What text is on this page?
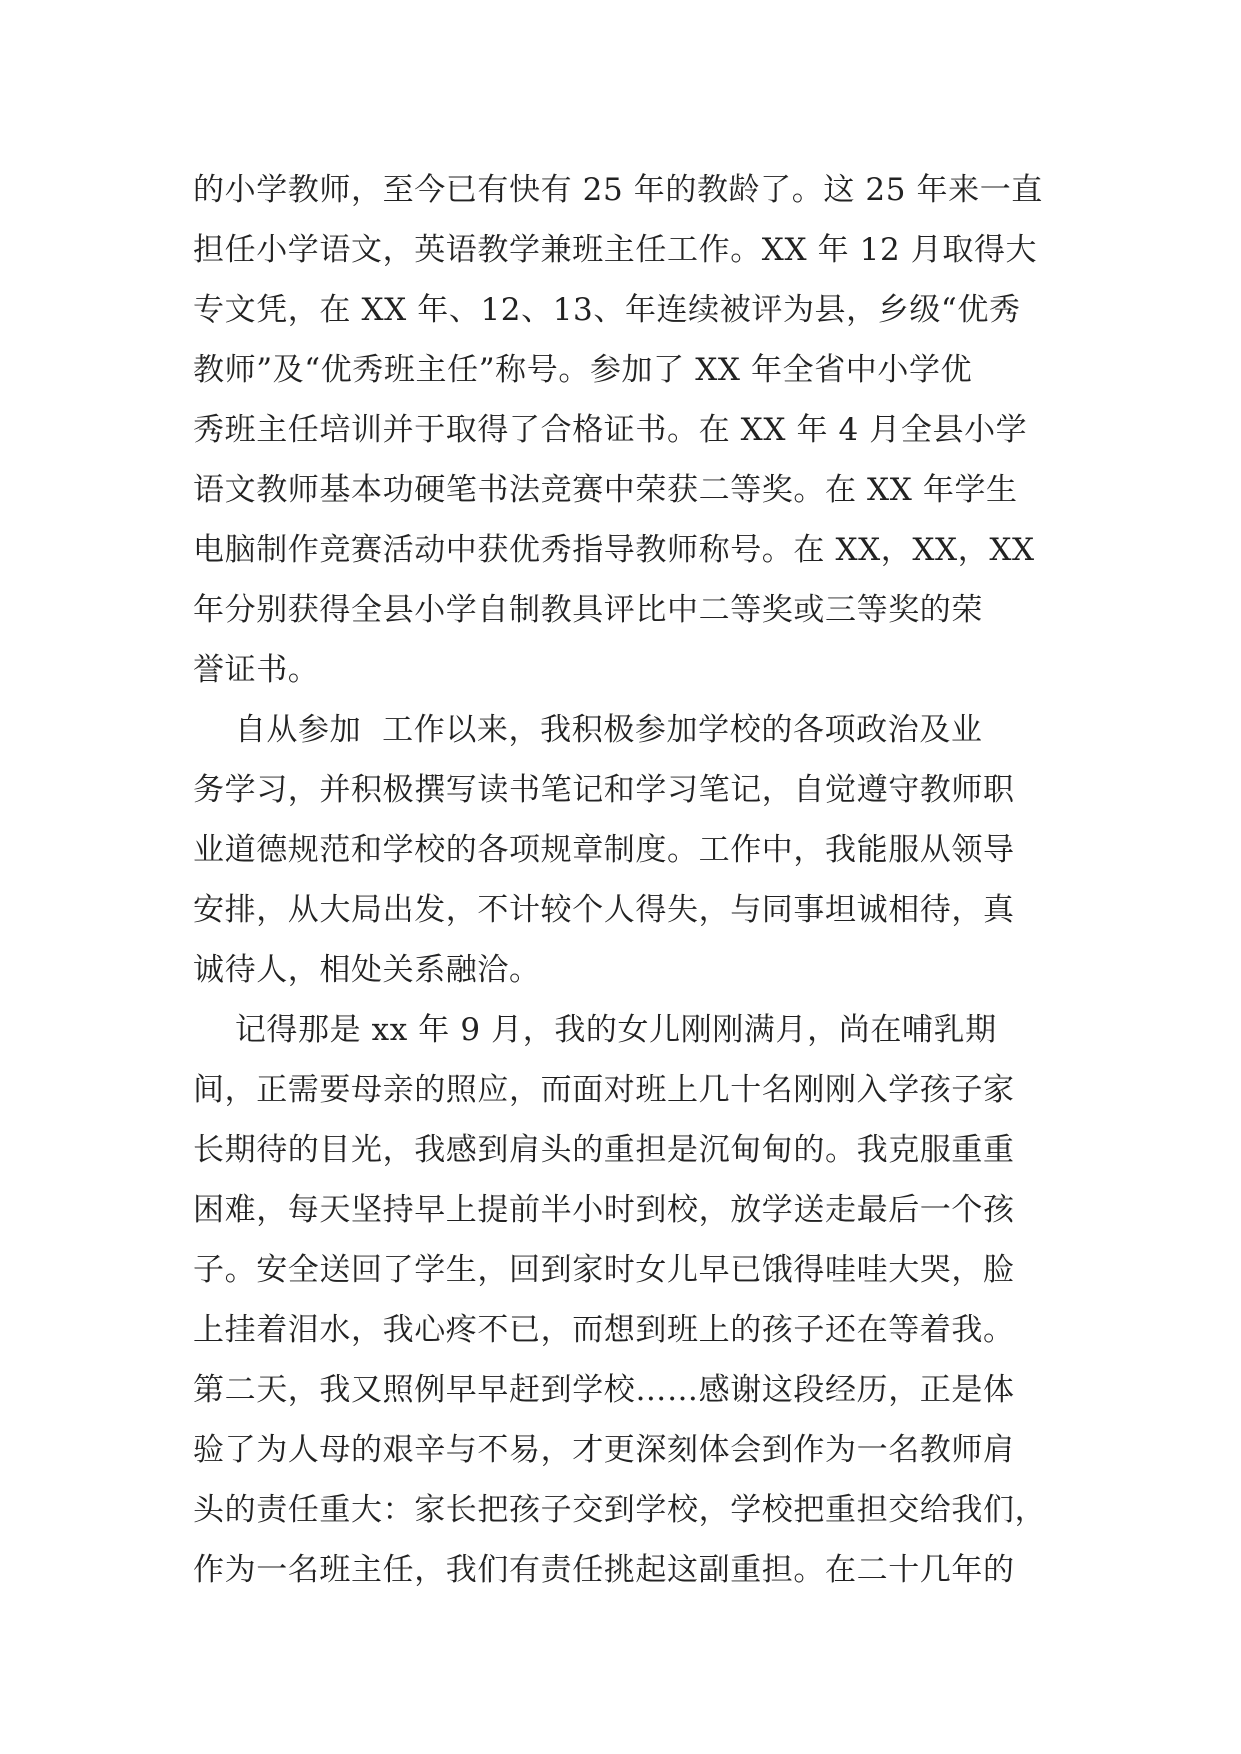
的小学教师，至今已有快有 25 年的教龄了。这 25 年来一直
担任小学语文，英语教学兼班主任工作。XX 年 12 月取得大
专文凭，在 XX 年、12、13、年连续被评为县，乡级“优秀
教师”及“优秀班主任”称号。参加了 XX 年全省中小学优
秀班主任培训并于取得了合格证书。在 XX 年 4 月全县小学
语文教师基本功硬笔书法竞赛中荣获二等奖。在 XX 年学生
电脑制作竞赛活动中获优秀指导教师称号。在 XX，XX，XX
年分别获得全县小学自制教具评比中二等奖或三等奖的荣
誉证书。
自从参加  工作以来，我积极参加学校的各项政治及业
务学习，并积极撰写读书笔记和学习笔记，自觉遵守教师职
业道德规范和学校的各项规章制度。工作中，我能服从领导
安排，从大局出发，不计较个人得失，与同事坦诚相待，真
诚待人，相处关系融洽。
记得那是 xx 年 9 月，我的女儿刚刚满月，尚在哺乳期
间，正需要母亲的照应，而面对班上几十名刚刚入学孩子家
长期待的目光，我感到肩头的重担是沉甸甸的。我克服重重
困难，每天坚持早上提前半小时到校，放学送走最后一个孩
子。安全送回了学生，回到家时女儿早已饿得哇哇大哭，脸
上挂着泪水，我心疼不已，而想到班上的孩子还在等着我。
第二天，我又照例早早赶到学校……感谢这段经历，正是体
验了为人母的艰辛与不易，才更深刻体会到作为一名教师肩
头的责任重大：家长把孩子交到学校，学校把重担交给我们，
作为一名班主任，我们有责任挑起这副重担。在二十几年的
